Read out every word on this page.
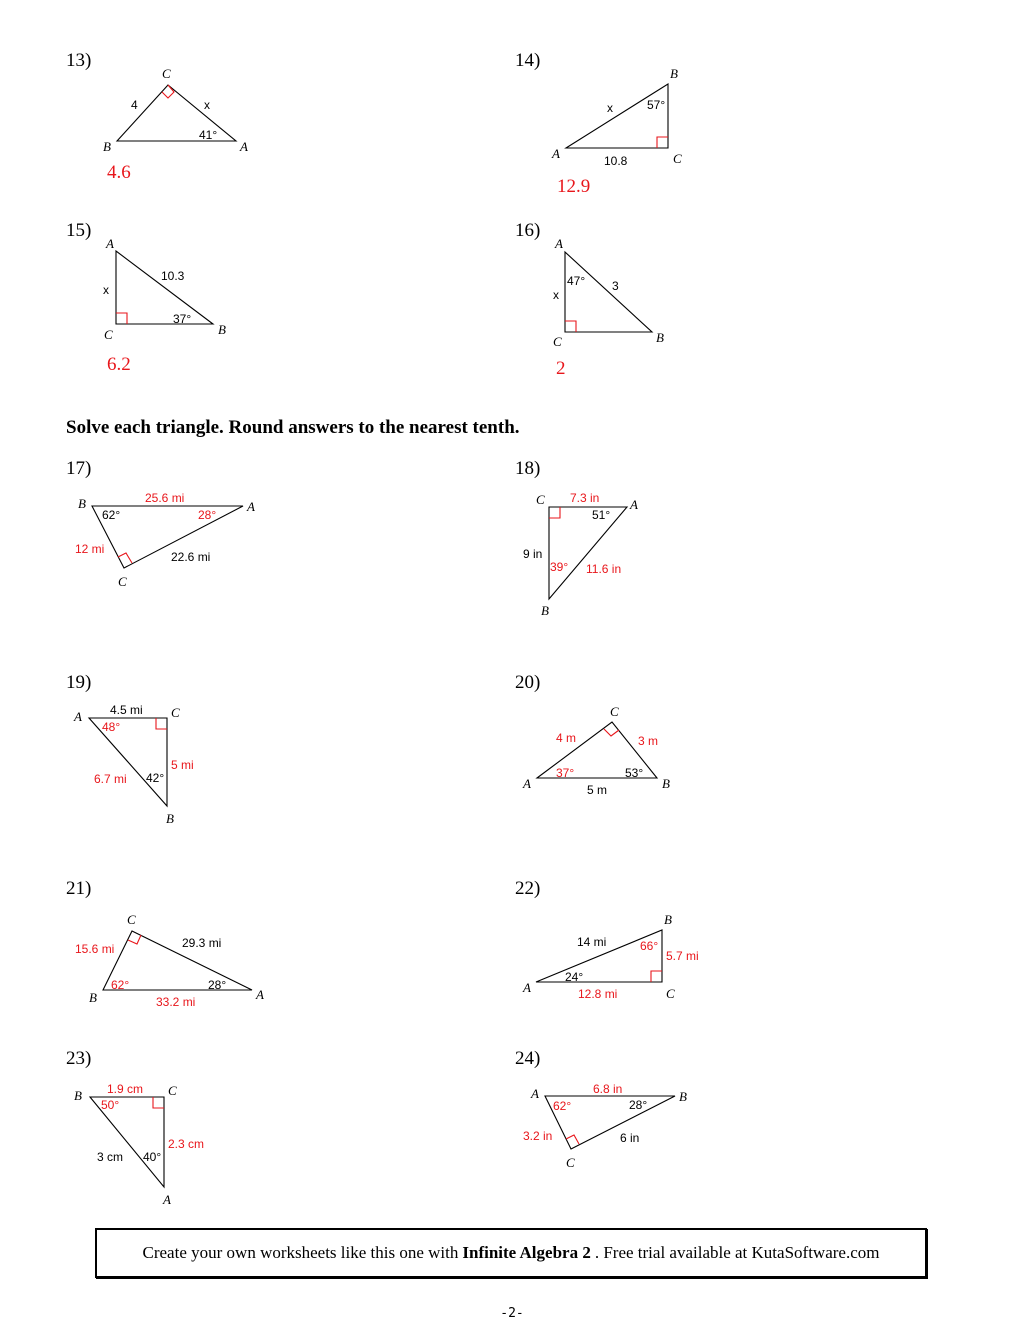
13)	14)
15)	16)
17)	18)
19)	20)
21)	22)
23)	24)
4.6
12.9
6.2	2
Solve each triangle. Round answers to the nearest tenth.
C
B	A
4	x
41°
B
A	C
x	57°
10.8
A
C	B
10.3
x
37°
A
C	B
47° 3
x
B	A
C
25.6 mi
62°	28°
12 mi
22.6 mi
C	A
B
7.3 in
51°
9 in
39° 11.6 in
A	C
B
4.5 mi
48°
5 mi
6.7 mi 42°
C
A	B
4 m	3 m
37°	53°
5 m
C
B	A
15.6 mi	29.3 mi
62°	28°
33.2 mi
B
A	C
14 mi	66°
5.7 mi
24°
12.8 mi
B	C
A
1.9 cm
50°
2.3 cm
3 cm 40°
A	B
C
6.8 in
62°	28°
3.2 in	6 in
Create your own worksheets like this one with Infinite Algebra 2 . Free trial available at KutaSoftware.com
-2-
